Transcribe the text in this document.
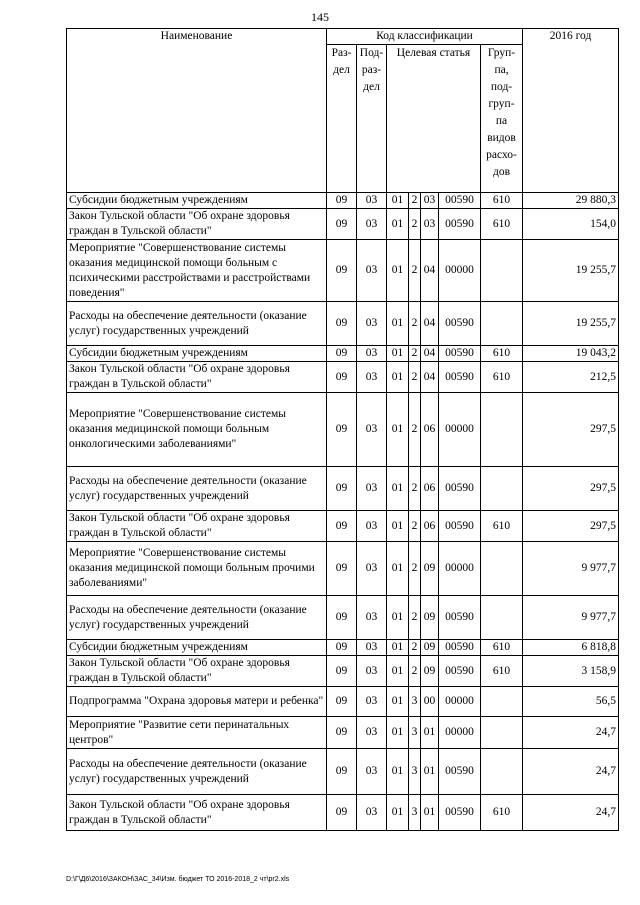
145
Наименование	Код классификации							2016 год
	Раз- дел	Под- раз- дел	Целевая статья				Груп- па, под- груп- па видов расхо- дов	
Субсидии бюджетным учреждениям	09	03	01	2	03	00590	610	29 880,3
Закон Тульской области "Об охране здоровья граждан в Тульской области"	09	03	01	2	03	00590	610	154,0
Мероприятие "Совершенствование системы оказания медицинской помощи больным с психическими расстройствами и расстройствами поведения"	09	03	01	2	04	00000		19 255,7
Расходы на обеспечение деятельности (оказание услуг) государственных учреждений	09	03	01	2	04	00590		19 255,7
Субсидии бюджетным учреждениям	09	03	01	2	04	00590	610	19 043,2
Закон Тульской области "Об охране здоровья граждан в Тульской области"	09	03	01	2	04	00590	610	212,5
Мероприятие "Совершенствование системы оказания медицинской помощи больным онкологическими заболеваниями"	09	03	01	2	06	00000		297,5
Расходы на обеспечение деятельности (оказание услуг) государственных учреждений	09	03	01	2	06	00590		297,5
Закон Тульской области "Об охране здоровья граждан в Тульской области"	09	03	01	2	06	00590	610	297,5
Мероприятие "Совершенствование системы оказания медицинской помощи больным прочими заболеваниями"	09	03	01	2	09	00000		9 977,7
Расходы на обеспечение деятельности (оказание услуг) государственных учреждений	09	03	01	2	09	00590		9 977,7
Субсидии бюджетным учреждениям	09	03	01	2	09	00590	610	6 818,8
Закон Тульской области "Об охране здоровья граждан в Тульской области"	09	03	01	2	09	00590	610	3 158,9
Подпрограмма "Охрана здоровья матери и ребенка"	09	03	01	3	00	00000		56,5
Мероприятие "Развитие сети перинатальных центров"	09	03	01	3	01	00000		24,7
Расходы на обеспечение деятельности (оказание услуг) государственных учреждений	09	03	01	3	01	00590		24,7
Закон Тульской области "Об охране здоровья граждан в Тульской области"	09	03	01	3	01	00590	610	24,7
D:\Г\Д6\2016\ЗАКОН\ЗАС_34\Изм. бюджет ТО 2016-2018_2 чт\pr2.xls
